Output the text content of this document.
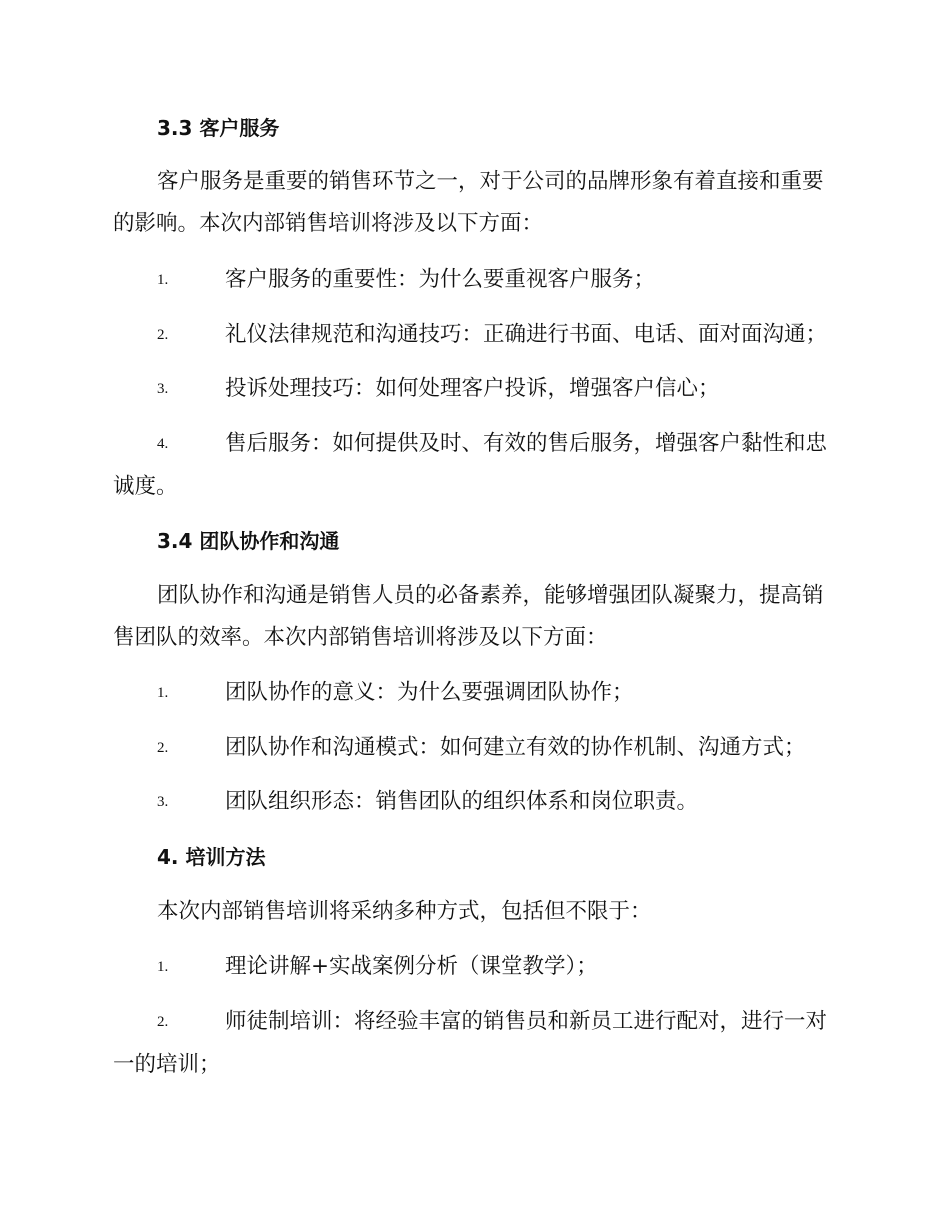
3.3 客户服务
客户服务是重要的销售环节之一，对于公司的品牌形象有着直接和重要
的影响。本次内部销售培训将涉及以下方面：
1.	客户服务的重要性：为什么要重视客户服务；
2.	礼仪法律规范和沟通技巧：正确进行书面、电话、面对面沟通；
3.	投诉处理技巧：如何处理客户投诉，增强客户信心；
4.	售后服务：如何提供及时、有效的售后服务，增强客户黏性和忠
诚度。
3.4 团队协作和沟通
团队协作和沟通是销售人员的必备素养，能够增强团队凝聚力，提高销
售团队的效率。本次内部销售培训将涉及以下方面：
1.	团队协作的意义：为什么要强调团队协作；
2.	团队协作和沟通模式：如何建立有效的协作机制、沟通方式；
3.	团队组织形态：销售团队的组织体系和岗位职责。
4. 培训方法
本次内部销售培训将采纳多种方式，包括但不限于：
1.	理论讲解+实战案例分析（课堂教学）；
2.	师徒制培训：将经验丰富的销售员和新员工进行配对，进行一对
一的培训；
